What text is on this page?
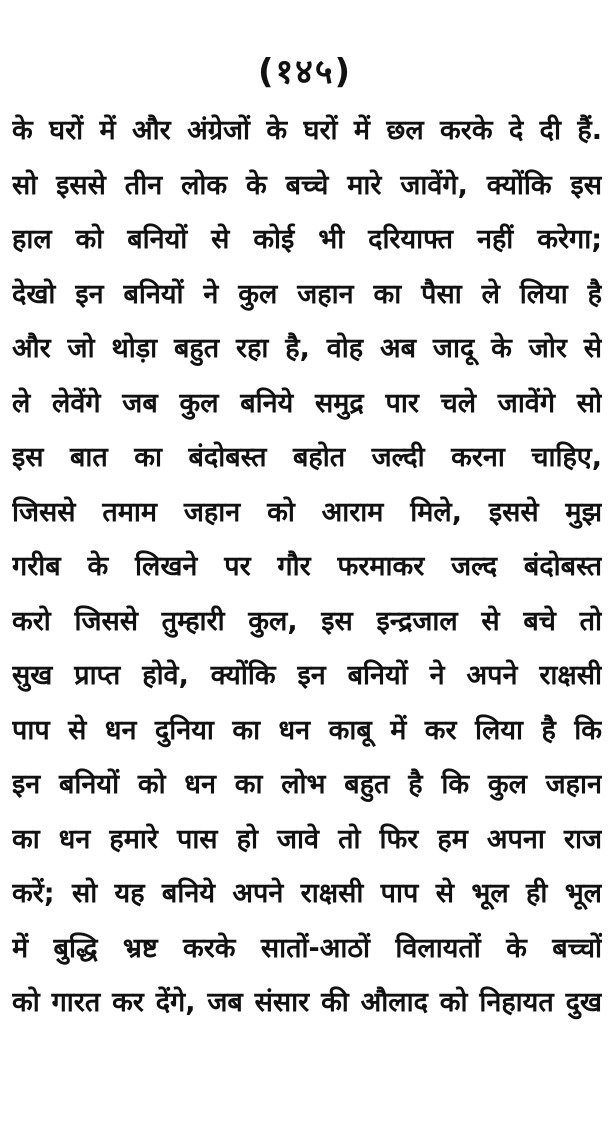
(१४५)
के घरों में और अंग्रेजों के घरों में छल करके दे दी हैं.
सो इससे तीन लोक के बच्चे मारे जावेंगे, क्योंकि इस
हाल को बनियों से कोई भी दरियाफ्त नहीं करेगा;
देखो इन बनियों ने कुल जहान का पैसा ले लिया है
और जो थोड़ा बहुत रहा है, वोह अब जादू के जोर से
ले लेवेंगे जब कुल बनिये समुद्र पार चले जावेंगे सो
इस बात का बंदोबस्त बहोत जल्दी करना चाहिए,
जिससे तमाम जहान को आराम मिले, इससे मुझ
गरीब के लिखने पर गौर फरमाकर जल्द बंदोबस्त
करो जिससे तुम्हारी कुल, इस इन्द्रजाल से बचे तो
सुख प्राप्त होवे, क्योंकि इन बनियों ने अपने राक्षसी
पाप से धन दुनिया का धन काबू में कर लिया है कि
इन बनियों को धन का लोभ बहुत है कि कुल जहान
का धन हमारे पास हो जावे तो फिर हम अपना राज
करें; सो यह बनिये अपने राक्षसी पाप से भूल ही भूल
में बुद्धि भ्रष्ट करके सातों-आठों विलायतों के बच्चों
को गारत कर देंगे, जब संसार की औलाद को निहायत दुख
